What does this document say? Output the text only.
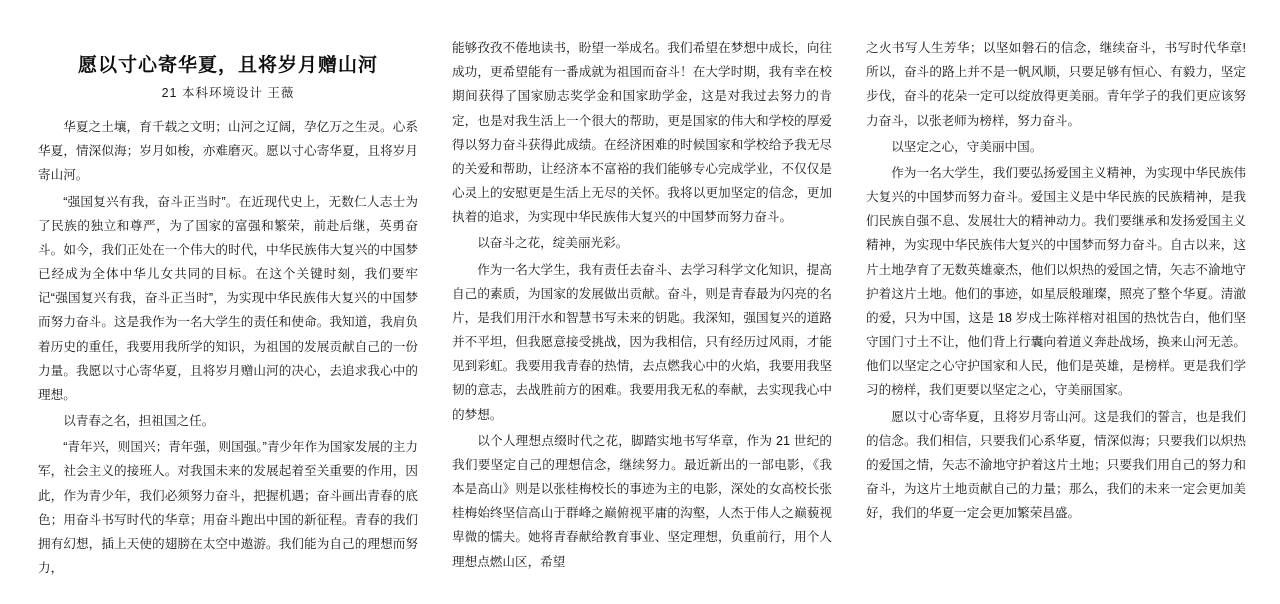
愿以寸心寄华夏，且将岁月赠山河
21 本科环境设计 王薇

华夏之土壤，育千载之文明；山河之辽阔，孕亿万之生灵。心系华夏，情深似海；岁月如梭，亦难磨灭。愿以寸心寄华夏，且将岁月寄山河。

“强国复兴有我，奋斗正当时”。在近现代史上，无数仁人志士为了民族的独立和尊严，为了国家的富强和繁荣，前赴后继，英勇奋斗。如今，我们正处在一个伟大的时代，中华民族伟大复兴的中国梦已经成为全体中华儿女共同的目标。在这个关键时刻，我们要牢记“强国复兴有我，奋斗正当时”，为实现中华民族伟大复兴的中国梦而努力奋斗。这是我作为一名大学生的责任和使命。我知道，我肩负着历史的重任，我要用我所学的知识，为祖国的发展贡献自己的一份力量。我愿以寸心寄华夏，且将岁月赠山河的决心，去追求我心中的理想。

以青春之名，担祖国之任。

“青年兴，则国兴；青年强，则国强。”青少年作为国家发展的主力军，社会主义的接班人。对我国未来的发展起着至关重要的作用，因此，作为青少年，我们必须努力奋斗，把握机遇；奋斗画出青春的底色；用奋斗书写时代的华章；用奋斗跑出中国的新征程。青春的我们拥有幻想，插上天使的翅膀在太空中遨游。我们能为自己的理想而努力，

能够孜孜不倦地读书，盼望一举成名。我们希望在梦想中成长，向往成功，更希望能有一番成就为祖国而奋斗！在大学时期，我有幸在校期间获得了国家励志奖学金和国家助学金，这是对我过去努力的肯定，也是对我生活上一个很大的帮助，更是国家的伟大和学校的厚爱得以努力奋斗获得此成绩。在经济困难的时候国家和学校给予我无尽的关爱和帮助，让经济本不富裕的我们能够专心完成学业，不仅仅是心灵上的安慰更是生活上无尽的关怀。我将以更加坚定的信念，更加执着的追求，为实现中华民族伟大复兴的中国梦而努力奋斗。

以奋斗之花，绽美丽光彩。

作为一名大学生，我有责任去奋斗、去学习科学文化知识，提高自己的素质，为国家的发展做出贡献。奋斗，则是青春最为闪亮的名片，是我们用汗水和智慧书写未来的钥匙。我深知，强国复兴的道路并不平坦，但我愿意接受挑战，因为我相信，只有经历过风雨，才能见到彩虹。我要用我青春的热情，去点燃我心中的火焰，我要用我坚韧的意志，去战胜前方的困难。我要用我无私的奉献，去实现我心中的梦想。

以个人理想点缀时代之花，脚踏实地书写华章，作为 21 世纪的我们要坚定自己的理想信念，继续努力。最近新出的一部电影，《我本是高山》则是以张桂梅校长的事迹为主的电影，深处的女高校长张桂梅始终坚信高山于群峰之巅俯视平庸的沟壑，人杰于伟人之巅藐视卑微的懦夫。她将青春献给教育事业、坚定理想，负重前行，用个人理想点燃山区，希望

之火书写人生芳华；以坚如磐石的信念，继续奋斗，书写时代华章!所以，奋斗的路上并不是一帆风顺，只要足够有恒心、有毅力，坚定步伐，奋斗的花朵一定可以绽放得更美丽。青年学子的我们更应该努力奋斗，以张老师为榜样，努力奋斗。

以坚定之心，守美丽中国。

作为一名大学生，我们要弘扬爱国主义精神，为实现中华民族伟大复兴的中国梦而努力奋斗。爱国主义是中华民族的民族精神，是我们民族自强不息、发展壮大的精神动力。我们要继承和发扬爱国主义精神，为实现中华民族伟大复兴的中国梦而努力奋斗。自古以来，这片土地孕育了无数英雄豪杰，他们以炽热的爱国之情，矢志不渝地守护着这片土地。他们的事迹，如星辰般璀璨，照亮了整个华夏。清澈的爱，只为中国，这是 18 岁戍士陈祥榕对祖国的热忱告白，他们坚守国门寸土不让，他们背上行囊向着道义奔赴战场，换来山河无恙。他们以坚定之心守护国家和人民，他们是英雄，是榜样。更是我们学习的榜样，我们更要以坚定之心，守美丽国家。

愿以寸心寄华夏，且将岁月寄山河。这是我们的誓言，也是我们的信念。我们相信，只要我们心系华夏，情深似海；只要我们以炽热的爱国之情，矢志不渝地守护着这片土地；只要我们用自己的努力和奋斗，为这片土地贡献自己的力量；那么，我们的未来一定会更加美好，我们的华夏一定会更加繁荣昌盛。
